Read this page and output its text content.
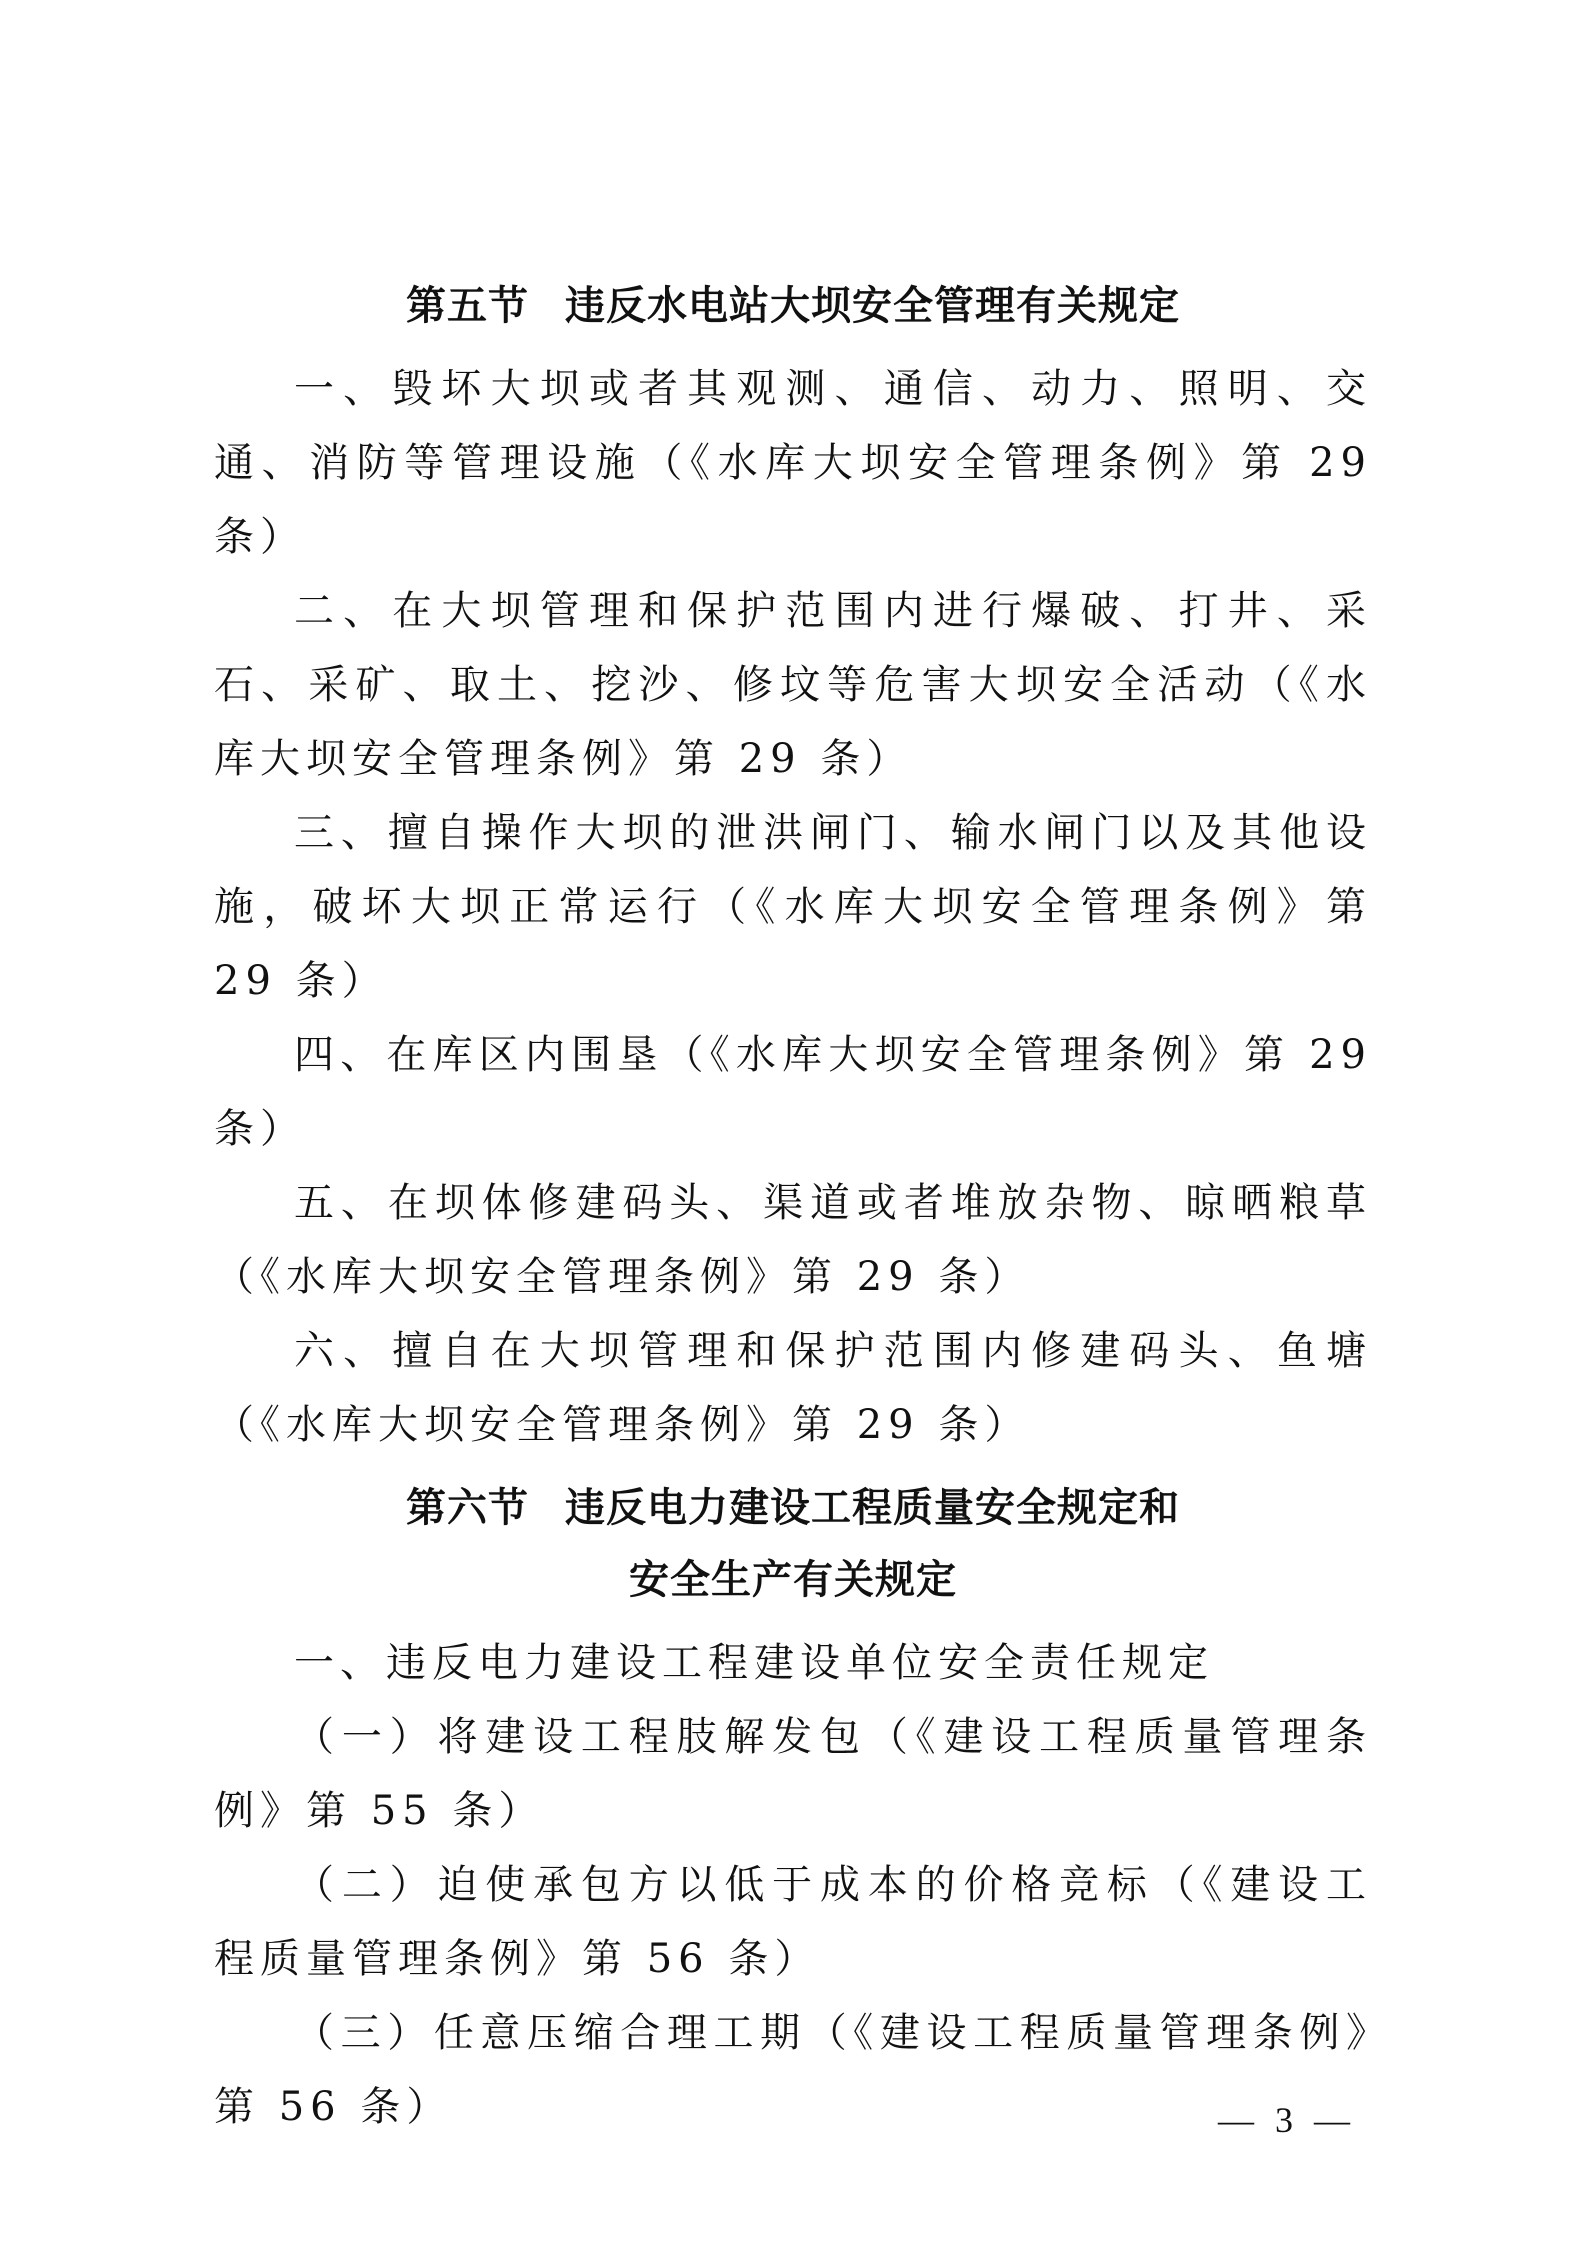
第五节 违反水电站大坝安全管理有关规定

一、毁坏大坝或者其观测、通信、动力、照明、交通、消防等管理设施（《水库大坝安全管理条例》第 29 条）

二、在大坝管理和保护范围内进行爆破、打井、采石、采矿、取土、挖沙、修坟等危害大坝安全活动（《水库大坝安全管理条例》第 29 条）

三、擅自操作大坝的泄洪闸门、输水闸门以及其他设施，破坏大坝正常运行（《水库大坝安全管理条例》第 29 条）

四、在库区内围垦（《水库大坝安全管理条例》第 29 条）

五、在坝体修建码头、渠道或者堆放杂物、晾晒粮草（《水库大坝安全管理条例》第 29 条）

六、擅自在大坝管理和保护范围内修建码头、鱼塘（《水库大坝安全管理条例》第 29 条）

第六节 违反电力建设工程质量安全规定和
安全生产有关规定

一、违反电力建设工程建设单位安全责任规定

（一）将建设工程肢解发包（《建设工程质量管理条例》第 55 条）

（二）迫使承包方以低于成本的价格竞标（《建设工程质量管理条例》第 56 条）

（三）任意压缩合理工期（《建设工程质量管理条例》第 56 条）	— 3 —
